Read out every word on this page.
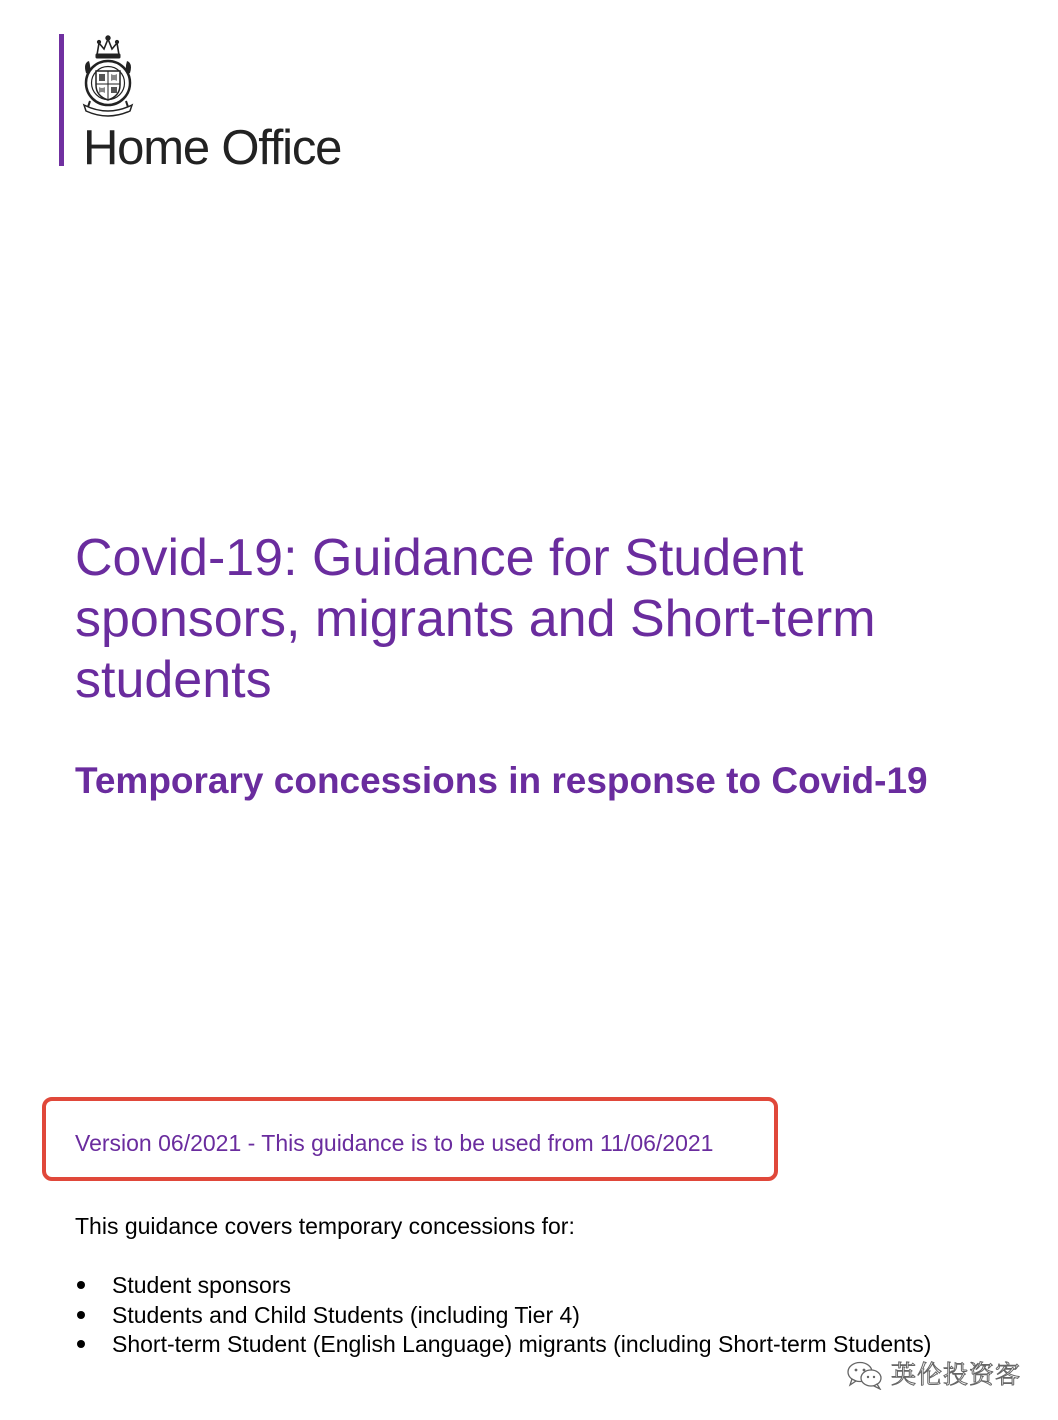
Home Office
Covid-19: Guidance for Student sponsors, migrants and Short-term students
Temporary concessions in response to Covid-19
Version 06/2021 - This guidance is to be used from 11/06/2021
This guidance covers temporary concessions for:
Student sponsors
Students and Child Students (including Tier 4)
Short-term Student (English Language) migrants (including Short-term Students)
英伦投资客
